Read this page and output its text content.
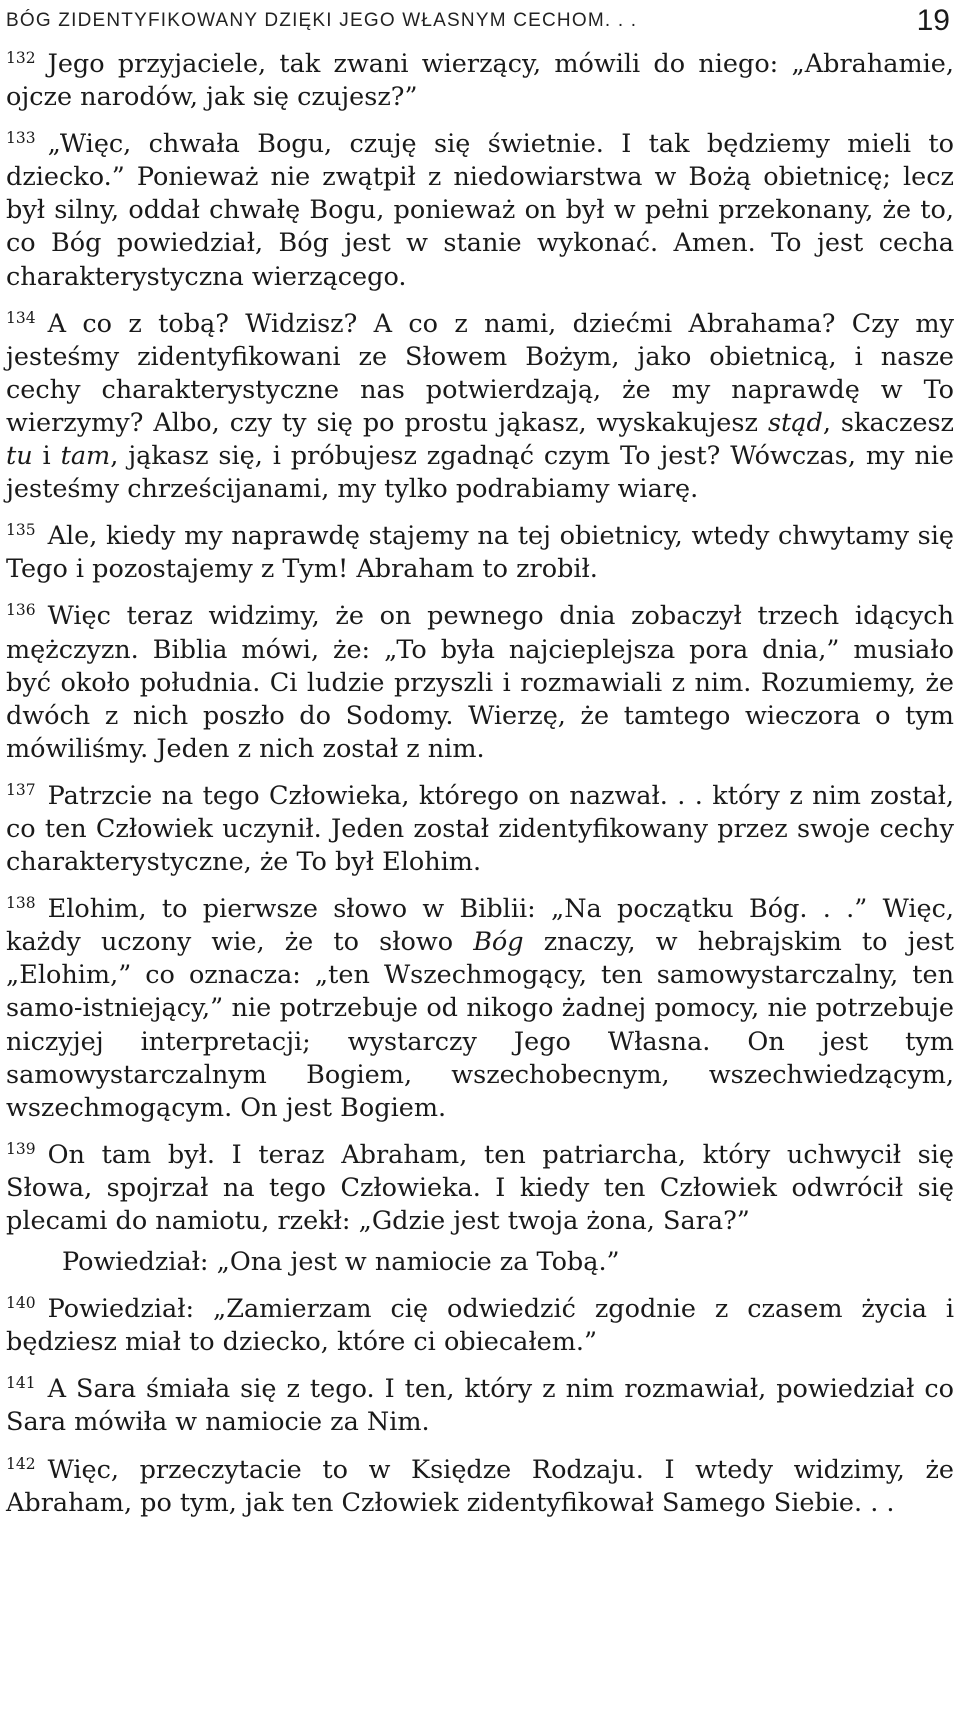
BÓG ZIDENTYFIKOWANY DZIĘKI JEGO WŁASNYM CECHOM. . .	19

$^{132}$ Jego przyjaciele, tak zwani wierzący, mówili do niego: „Abrahamie, ojcze narodów, jak się czujesz?”

$^{133}$ „Więc, chwała Bogu, czuję się świetnie. I tak będziemy mieli to dziecko.” Ponieważ nie zwątpił z niedowiarstwa w Bożą obietnicę; lecz był silny, oddał chwałę Bogu, ponieważ on był w pełni przekonany, że to, co Bóg powiedział, Bóg jest w stanie wykonać. Amen. To jest cecha charakterystyczna wierzącego.

$^{134}$ A co z tobą? Widzisz? A co z nami, dziećmi Abrahama? Czy my jesteśmy zidentyfikowani ze Słowem Bożym, jako obietnicą, i nasze cechy charakterystyczne nas potwierdzają, że my naprawdę w To wierzymy? Albo, czy ty się po prostu jąkasz, wyskakujesz stąd, skaczesz tu i tam, jąkasz się, i próbujesz zgadnąć czym To jest? Wówczas, my nie jesteśmy chrześcijanami, my tylko podrabiamy wiarę.

$^{135}$ Ale, kiedy my naprawdę stajemy na tej obietnicy, wtedy chwytamy się Tego i pozostajemy z Tym! Abraham to zrobił.

$^{136}$ Więc teraz widzimy, że on pewnego dnia zobaczył trzech idących mężczyzn. Biblia mówi, że: „To była najcieplejsza pora dnia,” musiało być około południa. Ci ludzie przyszli i rozmawiali z nim. Rozumiemy, że dwóch z nich poszło do Sodomy. Wierzę, że tamtego wieczora o tym mówiliśmy. Jeden z nich został z nim.

$^{137}$ Patrzcie na tego Człowieka, którego on nazwał. . . który z nim został, co ten Człowiek uczynił. Jeden został zidentyfikowany przez swoje cechy charakterystyczne, że To był Elohim.

$^{138}$ Elohim, to pierwsze słowo w Biblii: „Na początku Bóg. . .” Więc, każdy uczony wie, że to słowo Bóg znaczy, w hebrajskim to jest „Elohim,” co oznacza: „ten Wszechmogący, ten samowystarczalny, ten samo-istniejący,” nie potrzebuje od nikogo żadnej pomocy, nie potrzebuje niczyjej interpretacji; wystarczy Jego Własna. On jest tym samowystarczalnym Bogiem, wszechobecnym, wszechwiedzącym, wszechmogącym. On jest Bogiem.

$^{139}$ On tam był. I teraz Abraham, ten patriarcha, który uchwycił się Słowa, spojrzał na tego Człowieka. I kiedy ten Człowiek odwrócił się plecami do namiotu, rzekł: „Gdzie jest twoja żona, Sara?”

Powiedział: „Ona jest w namiocie za Tobą.”

$^{140}$ Powiedział: „Zamierzam cię odwiedzić zgodnie z czasem życia i będziesz miał to dziecko, które ci obiecałem.”

$^{141}$ A Sara śmiała się z tego. I ten, który z nim rozmawiał, powiedział co Sara mówiła w namiocie za Nim.

$^{142}$ Więc, przeczytacie to w Księdze Rodzaju. I wtedy widzimy, że Abraham, po tym, jak ten Człowiek zidentyfikował Samego Siebie. . .
